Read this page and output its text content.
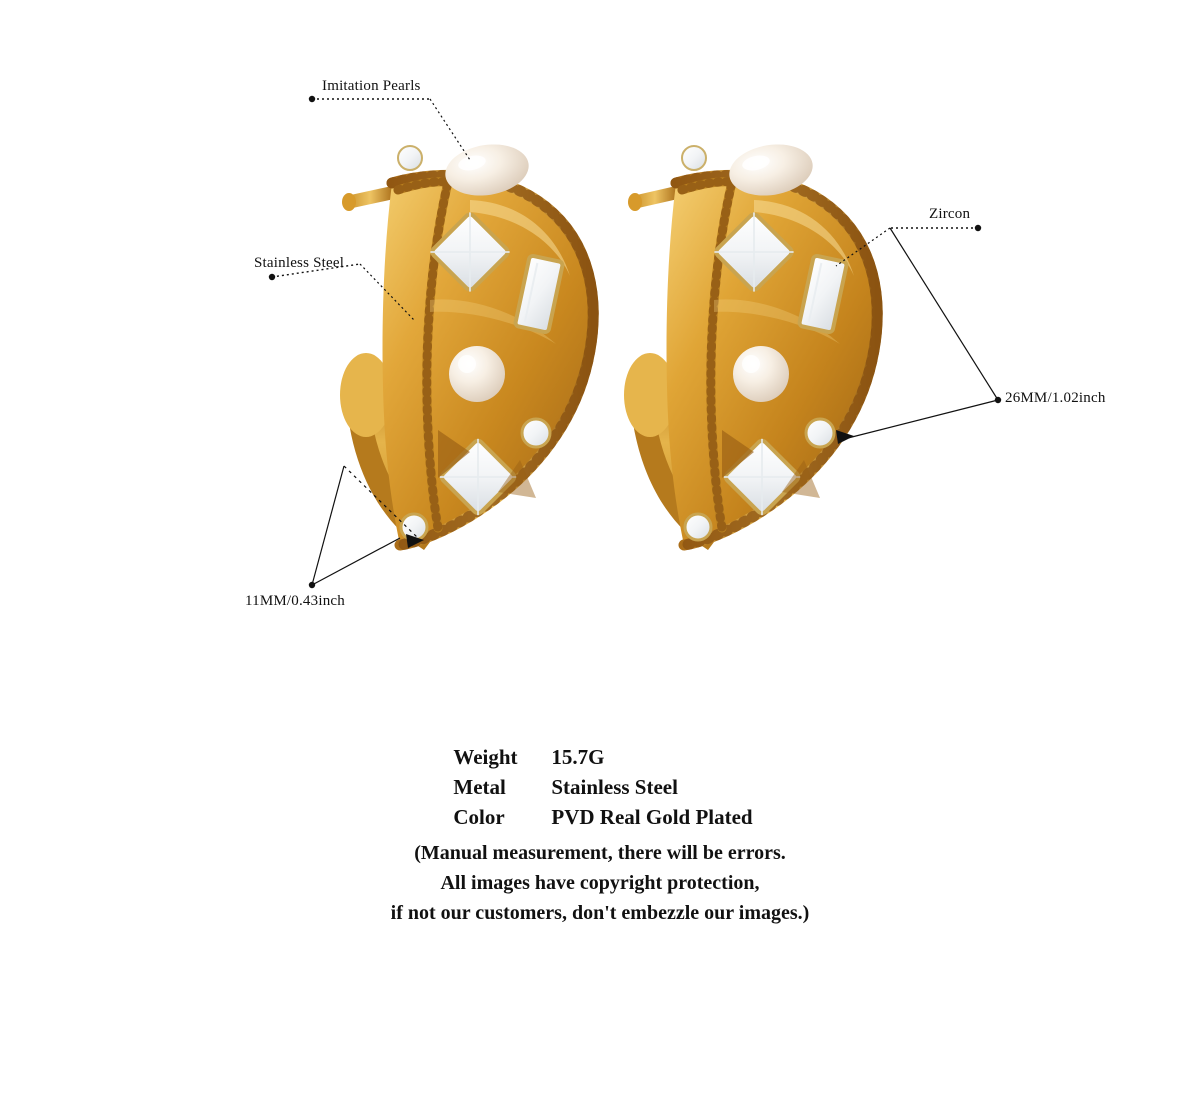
Imitation Pearls
Stainless Steel
Zircon
26MM/1.02inch
11MM/0.43inch
Weight	15.7G
Metal	Stainless Steel
Color	PVD Real Gold Plated
(Manual measurement, there will be errors.
All images have copyright protection,
if not our customers, don't embezzle our images.)
